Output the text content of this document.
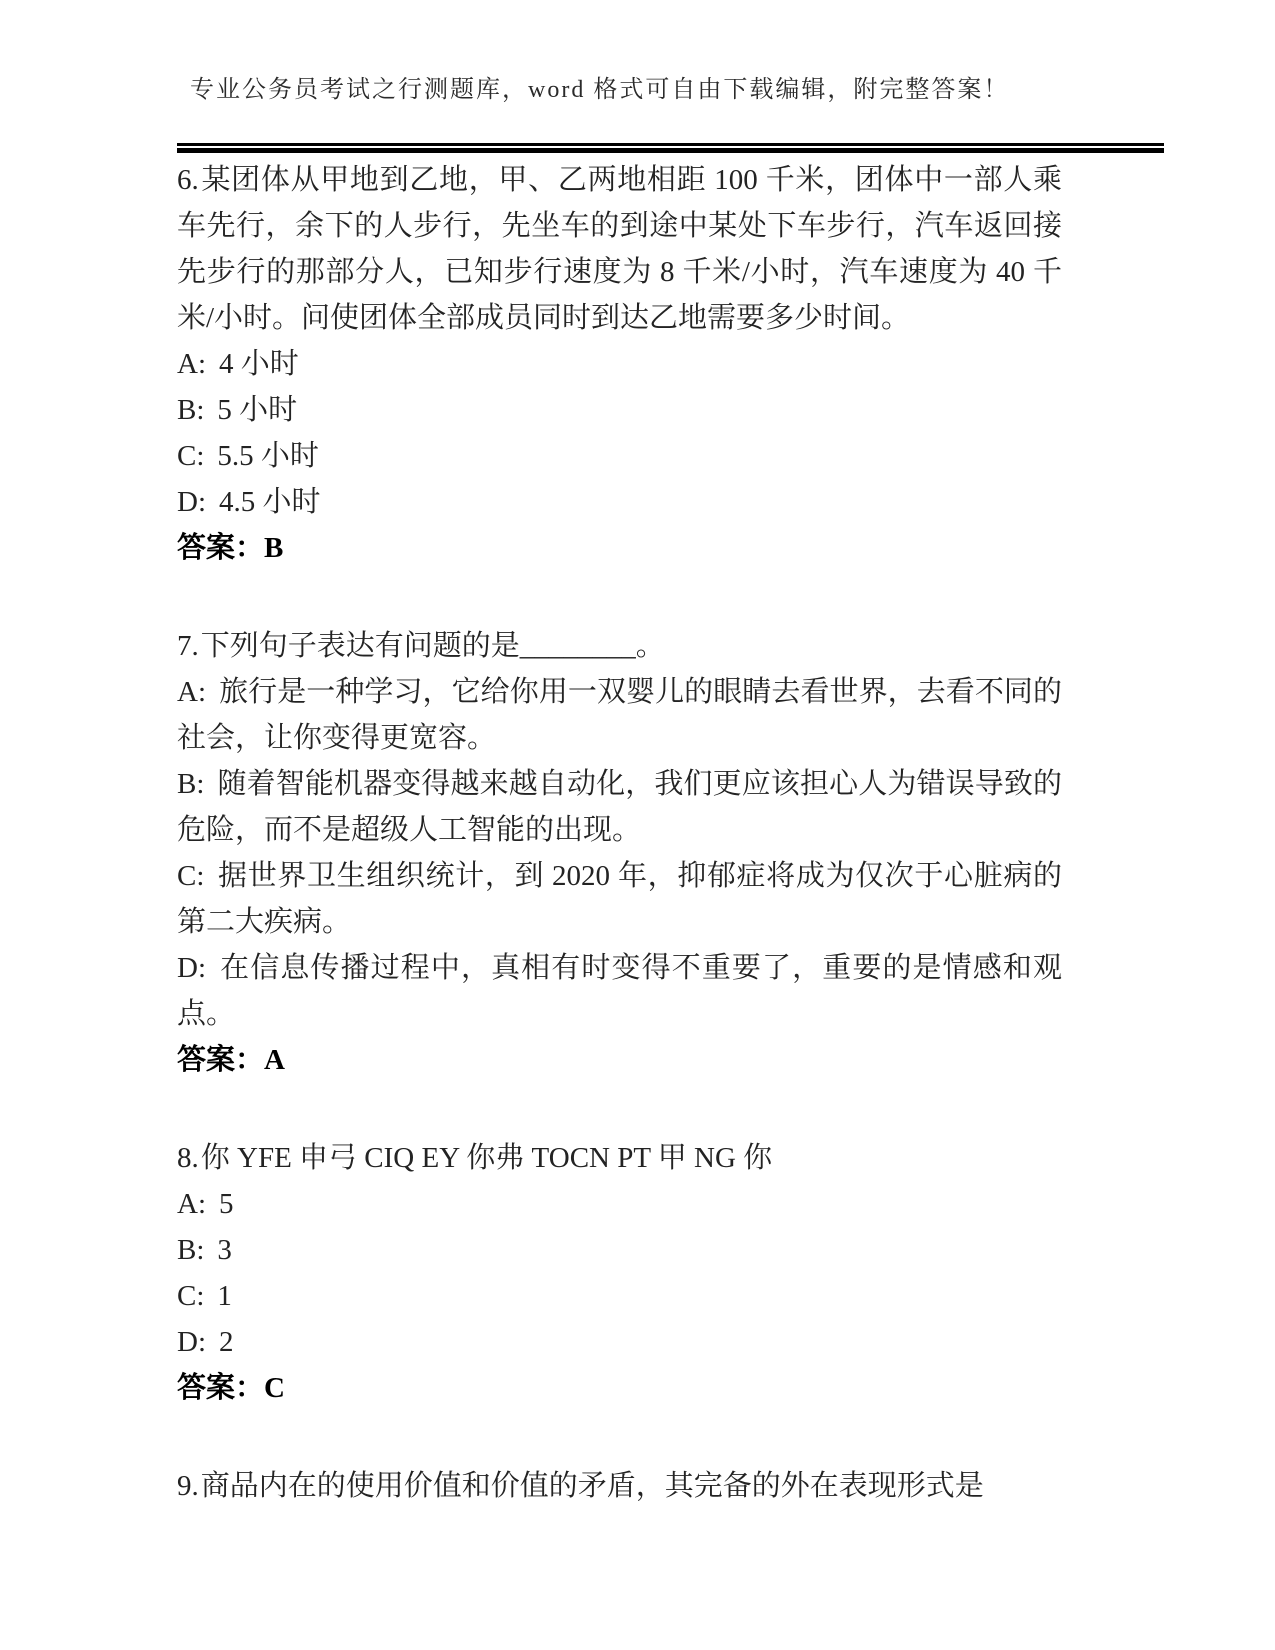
专业公务员考试之行测题库，word 格式可自由下载编辑，附完整答案！
6.某团体从甲地到乙地，甲、乙两地相距 100 千米，团体中一部人乘车先行，余下的人步行，先坐车的到途中某处下车步行，汽车返回接先步行的那部分人，已知步行速度为 8 千米/小时，汽车速度为 40 千米/小时。问使团体全部成员同时到达乙地需要多少时间。
A: 4 小时
B: 5 小时
C: 5.5 小时
D: 4.5 小时
答案：B
7.下列句子表达有问题的是________。
A: 旅行是一种学习，它给你用一双婴儿的眼睛去看世界，去看不同的社会，让你变得更宽容。
B: 随着智能机器变得越来越自动化，我们更应该担心人为错误导致的危险，而不是超级人工智能的出现。
C: 据世界卫生组织统计，到 2020 年，抑郁症将成为仅次于心脏病的第二大疾病。
D: 在信息传播过程中，真相有时变得不重要了，重要的是情感和观点。
答案：A
8.你 YFE 申弓 CIQ EY 你弗 TOCN PT 甲 NG 你
A: 5
B: 3
C: 1
D: 2
答案：C
9.商品内在的使用价值和价值的矛盾，其完备的外在表现形式是
